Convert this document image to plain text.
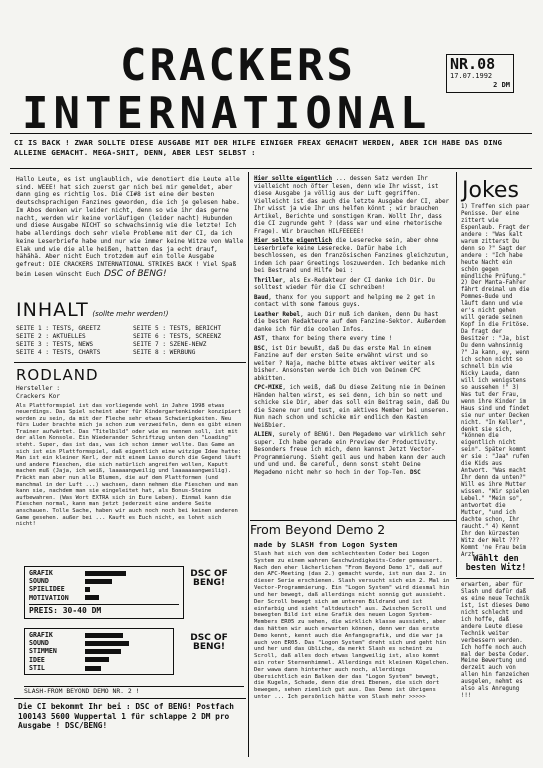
CRACKERS
INTERNATIONAL
NR.08
17.07.1992
2 DM
CI IS BACK ! ZWAR SOLLTE DIESE AUSGABE MIT DER HILFE EINIGER FREAX GEMACHT WERDEN, ABER ICH HABE DAS DING ALLEINE GEMACHT. MEGA-SHIT, DENN, ABER LEST SELBST :

Hallo Leute, es ist unglaublich, wie denotiert die Leute alle sind. WEEE! hat sich zuerst gar nich bei mir gemeldet, aber dann ging es richtig los. Die CI#8 ist eine der besten deutschsprachigen Fanzines geworden, die ich je gelesen habe. Im Abos denken wir leider nicht, denn so wie ihr das gerne nacht, werden wir keine vorläufigen (leider nacht) Hubunden und diese Ausgabe NICHT so schwachsinnig wie die letzte! Ich habe allerdings doch sehr viele Probleme mit der CI, da ich keine Leserbriefe habe und nur wie immer keine Witze von Walle Elak und wie die alle heißen, hatten das ja echt drauf, hähähä. Aber nicht Euch trotzdem auf ein tolle Ausgabe gefreut: DIE CRACKERS INTERNATIONAL STRIKES BACK ! Viel Spaß beim Lesen wünscht Euch DSC of BENG!

INHALT (sollte mehr werden!)
SEITE 1 : TESTS, GREETZ
SEITE 2 : AKTUELLES
SEITE 3 : TESTS, NEWS
SEITE 4 : TESTS, CHARTS
SEITE 5 : TESTS, BERICHT
SEITE 6 : TESTS, SCREENZ
SEITE 7 : SZENE-NEWZ
SEITE 8 : WERBUNG
RODLAND
Hersteller :
Crackers Kor

Als Plattformspiel ist das vorliegende wohl in Jahre 1998 etwas neuerdings. Das Spiel scheint aber für Kindergartenkinder konzipiert worden zu sein, da mit der Fleche sehr etwas Schwierigkeiten. Neu fürs Luder brachte mich ja schon zum verzweifeln, denn es gibt einen Trainer aufwärtet. Das "Titelbild" oder wie es nennen soll, ist mit der allen Konsole. Ein Wiederander Schriftzug unten den "Loading" steht. Super, das ist das, was ich schon immer wollte. Das Game an sich ist ein Plattformspiel, daß eigentlich eine witzige Idee hatte: Man ist ein kleiner Kerl, der mit einem Lasso durch die Gegend läuft und andere Fieschen, die sich natürlich angreifen wollen, Kaputt machen muß (Jaja, ich weiß, laaaaangweilig und laaaaaaangweilig). Fräckt man aber nun alle Blumen, die auf dem Plattformen (und manchmal in der Luft ...) wachsen, dann nehmen die Fieschen und man kann sie, nachdem man sie eingeleitet hat, als Bonus-Steine aufbewahren. (Was Wort EXTRA sich in Eure Leben). Einmal kann die Fieschen normal, kann man jetzt jederzeit eine andere Seite anschauen. Tolle Sache, haben wir auch noch noch bei keinen anderen Game gesehen. außer bei ... Kauft es Euch nicht, es lohnt sich nicht!

GRAFIK
SOUND
SPIELIDEE
MOTIVATION
PREIS: 30-40 DM
DSC OF BENG!
GRAFIK
SOUND
STIMMEN
IDEE
STIL
DSC OF BENG!
SLASH-FROM BEYOND DEMO NR. 2 !
Die CI bekommt Ihr bei : DSC of BENG! Postfach 100143 5600 Wuppertal 1 für schlappe 2 DM pro Ausgabe ! DSC/BENG!

Hier sollte eigentlich ... dessen Satz werden Ihr vielleicht noch öfter lesen, denn wie Ihr wisst, ist diese Ausgabe ja völlig aus der Luft gegriffen. Vielleicht ist das auch die letzte Ausgabe der CI, aber Ihr wisst ja wie Ihr uns helfen könnt ; wir brauchen Artikel, Berichte und sonstigen Kram. Wollt Ihr, dass die CI zugrunde geht ? (dass war und eine rhetorische Frage). Wir brauchen HILFEEEEE!

Hier sollte eigentlich die Leserecke sein, aber ohne Leserbriefe keine Leserecke. Dafür habe ich beschlossen, es den französischen Fanzines gleichzutun, indem ich paar Greetings loszuwerden. Ich bedanke mich bei Bestrand und Hilfe bei :

Thriller, als Ex-Redakteur der CI danke ich Dir. Du solltest wieder für die CI schreiben!

Baud, thanx for you support and helping me 2 get in contact with some famous guys.

Leather Rebel, auch Dir muß ich danken, denn Du hast die besten Redakteure auf dem Fanzine-Sektor. Außerdem danke ich für die coolen Infos.

AST, thanx for being there every time !

BSC, ist Dir bewußt, daß Du das erste Mal in einem Fanzine auf der ersten Seite erwähnt wirst und so weiter ? Naja, mache bitte etwas aktiver weiter als bisher. Ansonsten werde ich Dich von Deinem CPC abkitten.

CPC-MIKE, ich weiß, daß Du diese Zeitung nie in Deinen Händen halten wirst, es sei denn, ich bin so nett und schicke sie Dir, aber das soll ein Beitrag sein, daß Du die Szene nur und tust, ein aktives Member bei unseren. Nun nach schon und schicke mir endlich den Kasten Weißbier.

ALIEN, surely of BENG!. Dem Megademo war wirklich sehr super. Ich habe gerade ein Preview der Productivity. Besonders freue ich mich, denn kannst Jetzt Vector-Programmierung. Sieht geil aus und haben kann der auch und und und. Be careful, denn sonst steht Deine Megademo nicht mehr so hoch in der Top-Ten. DSC

From Beyond Demo 2
made by SLASH from Logon System
Slash hat sich von dem schlechtesten Coder bei Logon System zu einem wahren Geschwindigkeits-Coder gemausert. Nach den eher lächerlichen "From Beyond Demo 1", daß auf den AFC-Meeting (das 2.) gemacht wurde, ist nun das 2. in dieser Serie erschienen. Slash versucht sich ein 2. Mal in Vector-Programmierung. Ein "Logon System" wird diesmal hin und her bewegt, daß allerdings nicht sonnig gut aussieht. Der Scroll bewegt sich am unteren Bildrand und ist einfarbig und sieht "altdeutsch" aus. Zwischen Scroll und bewegten Bild ist eine Grafik des neuen Logon System-Members ER05 zu sehen, die wirklich klasse aussieht, aber das hätten wir auch erwarten können, denn wer das erste Demo kennt, kennt auch die Anfangsgrafik, und die war ja auch von ER05. Das "Logon System" dreht sich und geht hin und her und das übliche, da merkt Slash es scheint zu Scroll, daß alles doch etwas langweilig ist, also kommt ein roter Sternenhimmel. Allerdings mit kleinen Kügelchen. Der wawa dann hinterher auch noch, allerdings übersichtlich ein Balken der das "Logon System" bewegt, die Kugeln, Schade, denn die drei Ebenen, die sich dort bewegen, sehen ziemlich gut aus. Das Demo ist übrigens unter ... Ich persönlich hätte von Slash mehr >>>>>
Jokes
1) Treffen sich paar Penisse. Der eine zittert wie Espenlaub. Fragt der andere : "Was kalt warum zitterst Du denn so ?" Sagt der andere : "Ich habe heute Nacht ein schön gegen mündliche Prüfung." 2) Der Manta-Fahrer fährt dreimal um die Pommes-Bude und läuft dann und wie er's nicht gehen will gerade seinen Kopf in die Fritöse. Da fragt der Besitzer : "Ja, bist Du denn wahnsinnig ?" Ja kann, ey, wenn ich schon nicht so schnell bin wie Nicky Lauda, dann will ich wenigstens so aussehen !" 3) Was tut der Frau, wenn ihre Kinder im Haus sind und findet sie nur unter Decken nicht. "In Keller", denkt sie sich, "können die eigentlich nicht sein". Später kommt er sie : "Jaa" rufen die Kids aus Antwort. "Was macht Ihr denn da unten?" Will es ihre Mutter wissen. "Wir spielen Lebel." "Mein so", antwortet die Mutter, "und ich dachte schon, Ihr raucht." 4) Kennt Ihr den kürzesten Witz der Welt ??? Kommt 'ne Frau beim Arzt.
Wählt den besten Witz!
erwarten, aber für Slash und dafür daß es eine neue Technik ist, ist dieses Demo nicht schlecht und ich hoffe, daß andere Leute diese Technik weiter verbessern werden. Ich hoffe noch auch mal der beste Coder. Meine Bewertung und derzeit auch von allen hin fanzeichen ausgelen, nehmt es also als Anregung !!!
